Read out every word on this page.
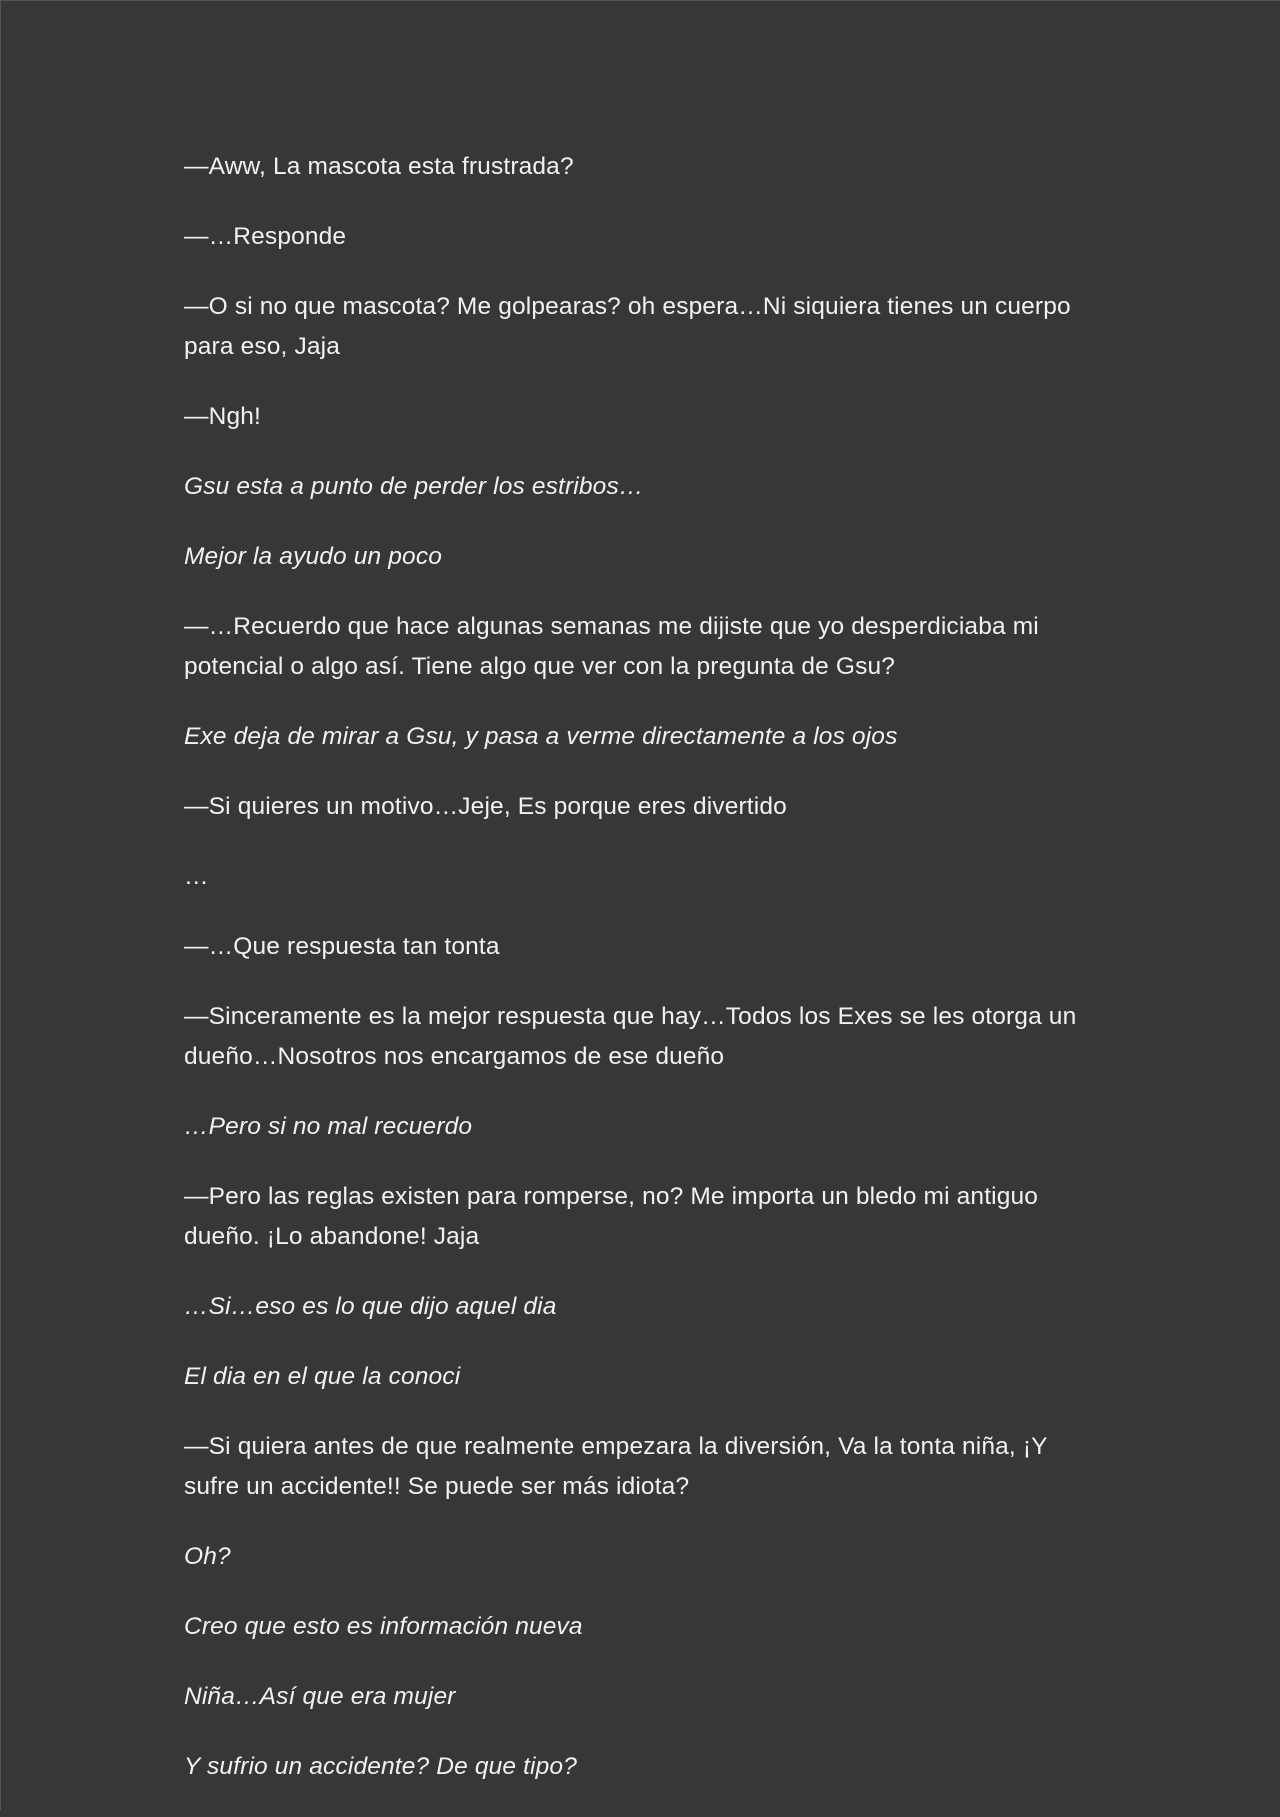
—Aww, La mascota esta frustrada?

—…Responde

—O si no que mascota? Me golpearas? oh espera…Ni siquiera tienes un cuerpo para eso, Jaja

—Ngh!

Gsu esta a punto de perder los estribos…

Mejor la ayudo un poco

—…Recuerdo que hace algunas semanas me dijiste que yo desperdiciaba mi potencial o algo así. Tiene algo que ver con la pregunta de Gsu?

Exe deja de mirar a Gsu, y pasa a verme directamente a los ojos

—Si quieres un motivo…Jeje, Es porque eres divertido

…

—…Que respuesta tan tonta

—Sinceramente es la mejor respuesta que hay…Todos los Exes se les otorga un dueño…Nosotros nos encargamos de ese dueño

…Pero si no mal recuerdo

—Pero las reglas existen para romperse, no? Me importa un bledo mi antiguo dueño. ¡Lo abandone! Jaja

…Si…eso es lo que dijo aquel dia

El dia en el que la conoci

—Si quiera antes de que realmente empezara la diversión, Va la tonta niña, ¡Y sufre un accidente!! Se puede ser más idiota?

Oh?

Creo que esto es información nueva

Niña…Así que era mujer

Y sufrio un accidente? De que tipo?
